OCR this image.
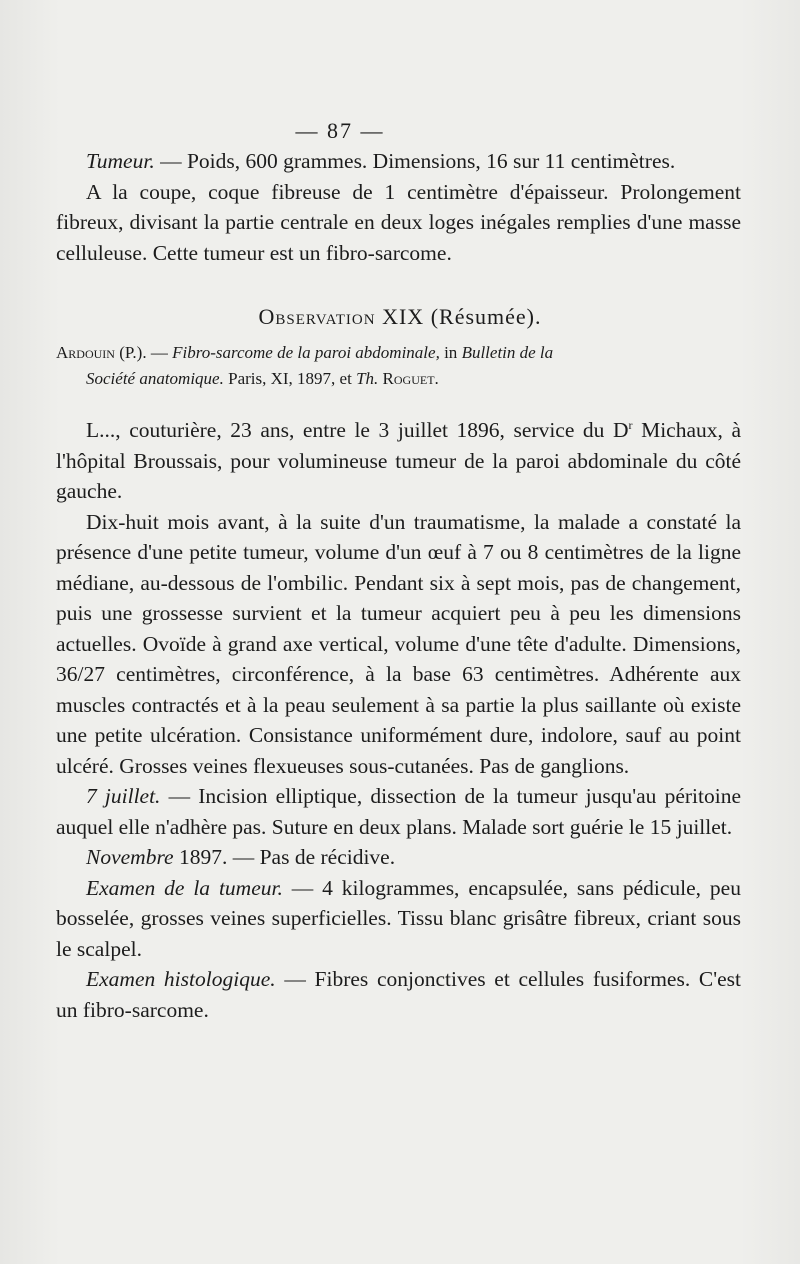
— 87 —

Tumeur. — Poids, 600 grammes. Dimensions, 16 sur 11 centimètres.

A la coupe, coque fibreuse de 1 centimètre d'épaisseur. Prolongement fibreux, divisant la partie centrale en deux loges inégales remplies d'une masse celluleuse. Cette tumeur est un fibro-sarcome.

Observation XIX (Résumée).

Ardouin (P.). — Fibro-sarcome de la paroi abdominale, in Bulletin de la

Société anatomique. Paris, XI, 1897, et Th. Roguet.

L..., couturière, 23 ans, entre le 3 juillet 1896, service du $D^r$ Michaux, à l'hôpital Broussais, pour volumineuse tumeur de la paroi abdominale du côté gauche.

Dix-huit mois avant, à la suite d'un traumatisme, la malade a constaté la présence d'une petite tumeur, volume d'un œuf à 7 ou 8 centimètres de la ligne médiane, au-dessous de l'ombilic. Pendant six à sept mois, pas de changement, puis une grossesse survient et la tumeur acquiert peu à peu les dimensions actuelles. Ovoïde à grand axe vertical, volume d'une tête d'adulte. Dimensions, 36/27 centimètres, circonférence, à la base 63 centimètres. Adhérente aux muscles contractés et à la peau seulement à sa partie la plus saillante où existe une petite ulcération. Consistance uniformément dure, indolore, sauf au point ulcéré. Grosses veines flexueuses sous-cutanées. Pas de ganglions.

7 juillet. — Incision elliptique, dissection de la tumeur jusqu'au péritoine auquel elle n'adhère pas. Suture en deux plans. Malade sort guérie le 15 juillet.

Novembre 1897. — Pas de récidive.

Examen de la tumeur. — 4 kilogrammes, encapsulée, sans pédicule, peu bosselée, grosses veines superficielles. Tissu blanc grisâtre fibreux, criant sous le scalpel.

Examen histologique. — Fibres conjonctives et cellules fusiformes. C'est un fibro-sarcome.
